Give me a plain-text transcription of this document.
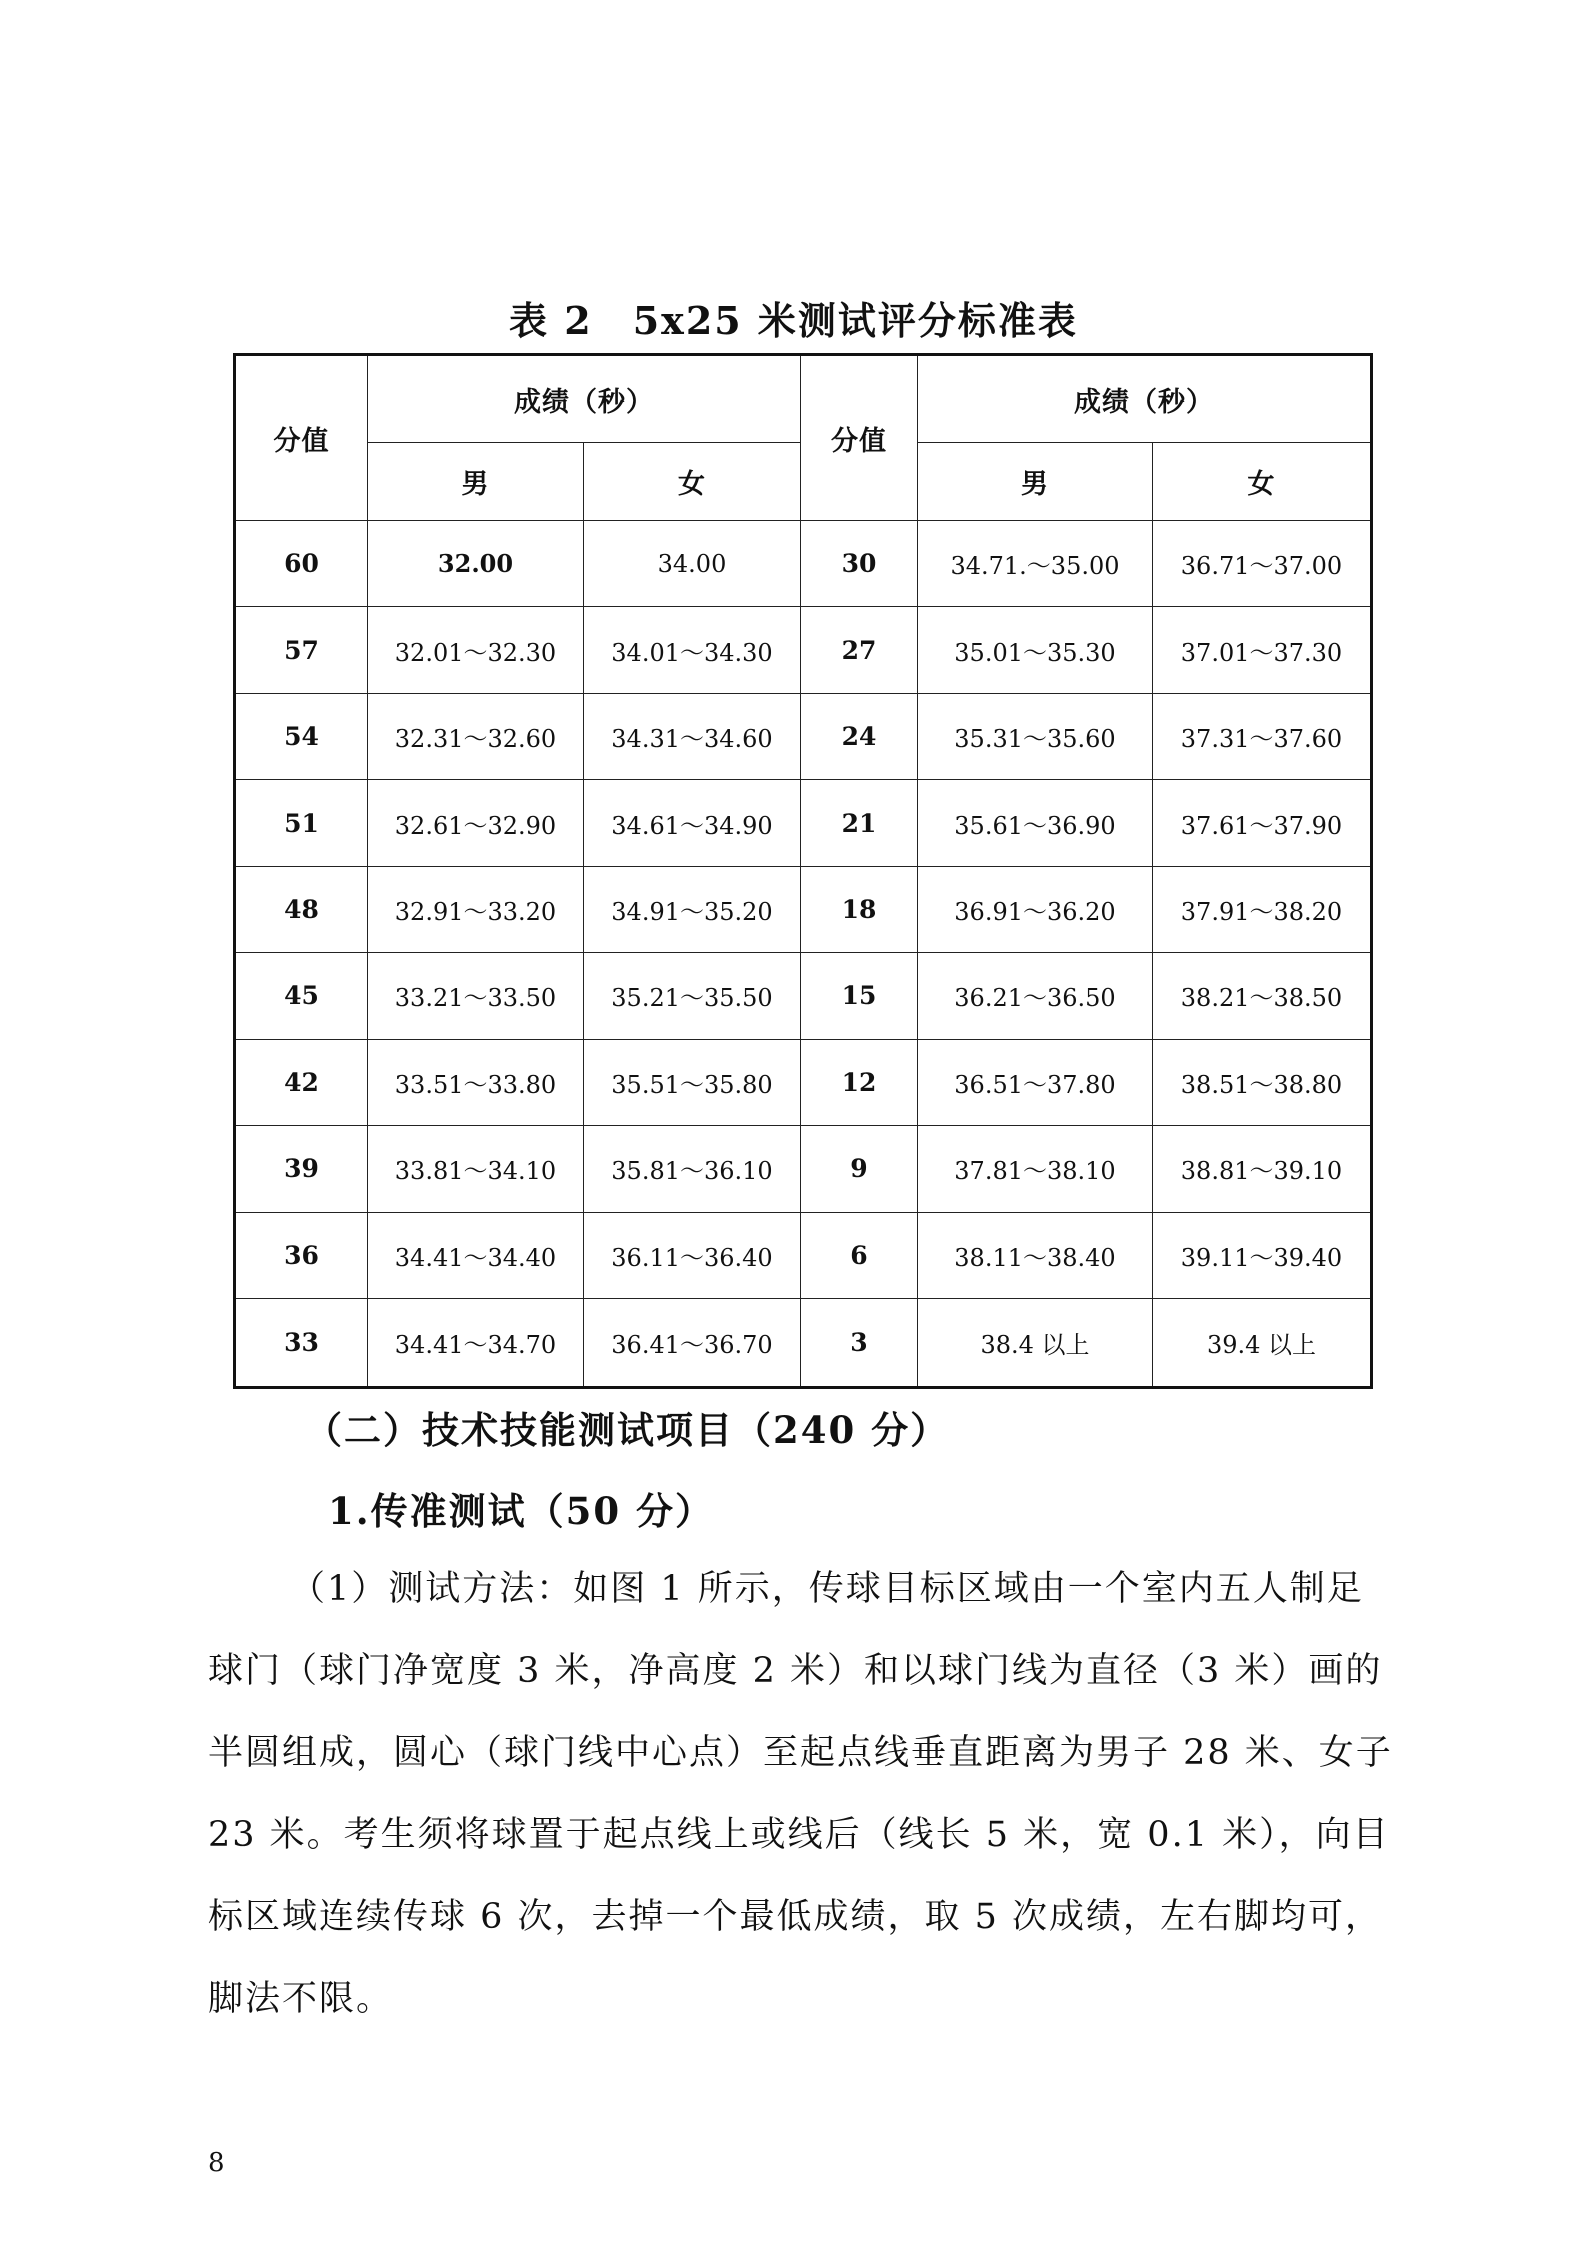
表 2　5x25 米测试评分标准表
分值	成绩（秒）		分值	成绩（秒）	
	男	女		男	女
60	32.00	34.00	30	34.71.～35.00	36.71～37.00
57	32.01～32.30	34.01～34.30	27	35.01～35.30	37.01～37.30
54	32.31～32.60	34.31～34.60	24	35.31～35.60	37.31～37.60
51	32.61～32.90	34.61～34.90	21	35.61～36.90	37.61～37.90
48	32.91～33.20	34.91～35.20	18	36.91～36.20	37.91～38.20
45	33.21～33.50	35.21～35.50	15	36.21～36.50	38.21～38.50
42	33.51～33.80	35.51～35.80	12	36.51～37.80	38.51～38.80
39	33.81～34.10	35.81～36.10	9	37.81～38.10	38.81～39.10
36	34.41～34.40	36.11～36.40	6	38.11～38.40	39.11～39.40
33	34.41～34.70	36.41～36.70	3	38.4 以上	39.4 以上
（二）技术技能测试项目（240 分）
1.传准测试（50 分）
（1）测试方法：如图 1 所示，传球目标区域由一个室内五人制足球门（球门净宽度 3 米，净高度 2 米）和以球门线为直径（3 米）画的半圆组成，圆心（球门线中心点）至起点线垂直距离为男子 28 米、女子 23 米。考生须将球置于起点线上或线后（线长 5 米，宽 0.1 米），向目标区域连续传球 6 次，去掉一个最低成绩，取 5 次成绩，左右脚均可，脚法不限。
8
